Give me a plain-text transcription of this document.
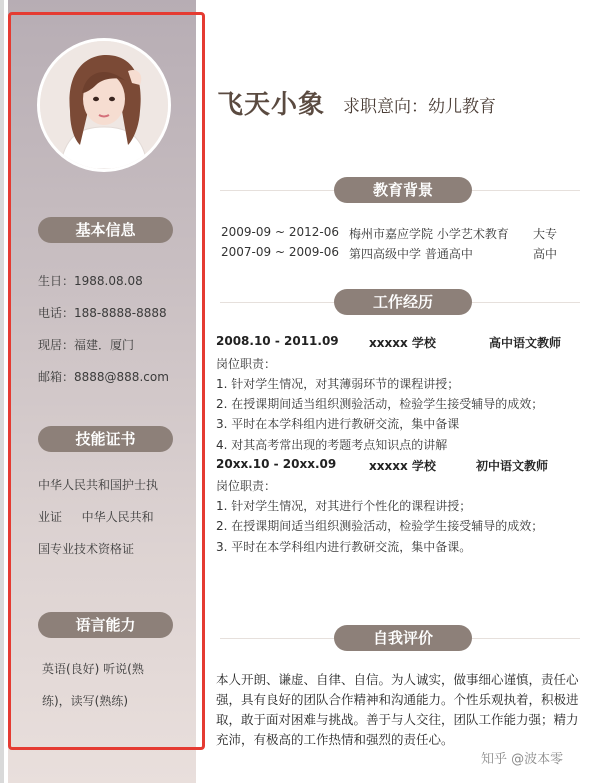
基本信息
生日：1988.08.08
电话：188-8888-8888
现居：福建．厦门
邮箱：8888@888.com
技能证书
中华人民共和国护士执
业证 　 中华人民共和
国专业技术资格证
语言能力
英语(良好) 听说(熟
练)，读写(熟练)
飞天小象 求职意向：幼儿教育
教育背景
2009-09 ~ 2012-06 梅州市嘉应学院 小学艺术教育 大专
2007-09 ~ 2009-06 第四高级中学 普通高中	高中
工作经历
2008.10 - 2011.09	xxxxx 学校	高中语文教师
岗位职责：
1. 针对学生情况，对其薄弱环节的课程讲授；
2. 在授课期间适当组织测验活动，检验学生接受辅导的成效；
3. 平时在本学科组内进行教研交流，集中备课
4. 对其高考常出现的考题考点知识点的讲解
20xx.10 - 20xx.09	xxxxx 学校	初中语文教师
岗位职责：
1. 针对学生情况，对其进行个性化的课程讲授；
2. 在授课期间适当组织测验活动，检验学生接受辅导的成效；
3. 平时在本学科组内进行教研交流，集中备课。
自我评价
本人开朗、谦虚、自律、自信。为人诚实，做事细心谨慎，责任心
强，具有良好的团队合作精神和沟通能力。个性乐观执着，积极进
取，敢于面对困难与挑战。善于与人交往，团队工作能力强；精力
充沛，有极高的工作热情和强烈的责任心。
知乎 @波本零
